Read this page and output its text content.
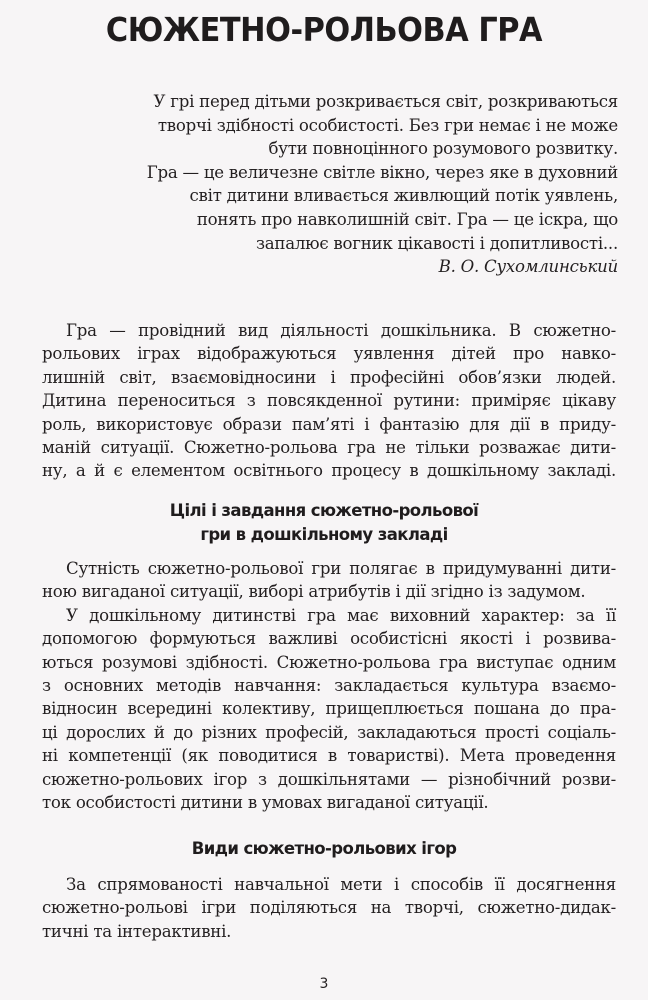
СЮЖЕТНО-РОЛЬОВА ГРА
У грі перед дітьми розкривається світ, розкриваються
творчі здібності особистості. Без гри немає і не може
бути повноцінного розумового розвитку.
Гра — це величезне світле вікно, через яке в духовний
світ дитини вливається живлющий потік уявлень,
понять про навколишній світ. Гра — це іскра, що
запалює вогник цікавості і допитливості...
В. О. Сухомлинський
Гра — провідний вид діяльності дошкільника. В сюжетно-
рольових іграх відображуються уявлення дітей про навко-
лишній світ, взаємовідносини і професійні обов’язки людей.
Дитина переноситься з повсякденної рутини: приміряє цікаву
роль, використовує образи пам’яті і фантазію для дії в приду-
маній ситуації. Сюжетно-рольова гра не тільки розважає дити-
ну, а й є елементом освітнього процесу в дошкільному закладі.
Цілі і завдання сюжетно-рольової
гри в дошкільному закладі
Сутність сюжетно-рольової гри полягає в придумуванні дити-
ною вигаданої ситуації, виборі атрибутів і дії згідно із задумом.
У дошкільному дитинстві гра має виховний характер: за її
допомогою формуються важливі особистісні якості і розвива-
ються розумові здібності. Сюжетно-рольова гра виступає одним
з основних методів навчання: закладається культура взаємо-
відносин всередині колективу, прищеплюється пошана до пра-
ці дорослих й до різних професій, закладаються прості соціаль-
ні компетенції (як поводитися в товаристві). Мета проведення
сюжетно-рольових ігор з дошкільнятами — різнобічний розви-
ток особистості дитини в умовах вигаданої ситуації.
Види сюжетно-рольових ігор
За спрямованості навчальної мети і способів її досягнення
сюжетно-рольові ігри поділяються на творчі, сюжетно-дидак-
тичні та інтерактивні.
3
